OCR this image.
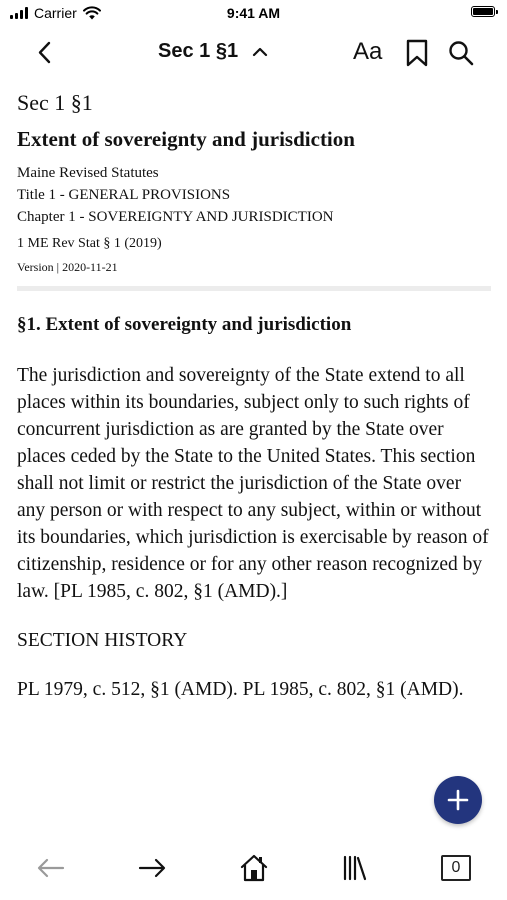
Carrier	9:41 AM
Sec 1 §1	Aa
Sec 1 §1
Extent of sovereignty and jurisdiction
Maine Revised Statutes
Title 1 - GENERAL PROVISIONS
Chapter 1 - SOVEREIGNTY AND JURISDICTION
1 ME Rev Stat § 1 (2019)
Version | 2020-11-21
§1. Extent of sovereignty and jurisdiction
The jurisdiction and sovereignty of the State extend to all places within its boundaries, subject only to such rights of concurrent jurisdiction as are granted by the State over places ceded by the State to the United States. This section shall not limit or restrict the jurisdiction of the State over any person or with respect to any subject, within or without its boundaries, which jurisdiction is exercisable by reason of citizenship, residence or for any other reason recognized by law. [PL 1985, c. 802, §1 (AMD).]
SECTION HISTORY
PL 1979, c. 512, §1 (AMD). PL 1985, c. 802, §1 (AMD).
0
